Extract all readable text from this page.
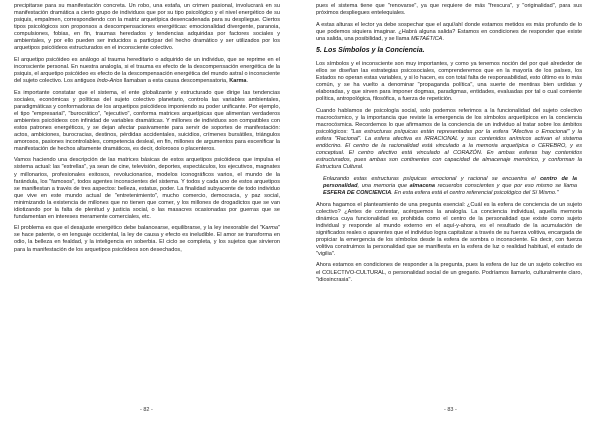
precipitarse para su manifestación concreta. Un robo, una estafa, un crimen pasional, involucrará en su manifestación dramática a cierto grupo de individuos que por su tipo psicológico y el nivel energético de su psiquis, empalmen, correspondiendo con la matriz arquetípica desencadenada para su despliegue. Ciertos tipos psicológicos son proponsos a descompensaciones energéticas: emocionalidad divergente, paranoia, compulsiones, fobias, en fin, traumas heredados y tendencias adquiridas por factores sociales y ambientales, y por ello pueden ser inducidos a participar del hecho dramático y ser utilizados por los arquetipos psicóideos estructurados en el inconsciente colectivo.

El arquetipo psicóideo es análogo al trauma hereditario o adquirido de un individuo, que se reprime en el inconsciente personal. En nuestra analogía, si el trauma es efecto de la descompensación energética de la psiquis, el arquetipo psicóideo es efecto de la descompensación energética del mundo astral o inconsciente del sujeto colectivo. Los antiguos Indo-Arios llamaban a esta causa descompensatoria, Karma.

Es importante constatar que el sistema, el ente globalizante y estructurado que dirige las tendencias sociales, económicas y políticas del sujeto colectivo planetario, controla las variables ambientales, paradigmáticas y conformadoras de los arquetipos psicóideos imponiendo su poder unificante. Por ejemplo, el tipo "empresarial", "burocrático", "ejecutivo", conforma matrices arquetípicas que alimentan verdaderos ambientes psicóideos con infinidad de variables dramáticas. Y millones de individuos son compatibles con estos patrones energéticos, y se dejan afectar pasivamente para servir de soportes de manifestación: actos, ambiciones, burocracias, destinos, pérdidas accidentales, suicidios, crímenes bursátiles, triángulos amorosos, pasiones incontrolables, competencia desleal, en fin, millones de argumentos para escenificar la manifestación de hechos altamente dramáticos, es decir, dolorosos o placenteros.

Vamos haciendo una descripción de las matrices básicas de estos arquetipos psicóideos que impulsa el sistema actual: las "estrellas", ya sean de cine, televisión, deportes, espectáculos, los ejecutivos, magnates y millonarios, profesionales exitosos, revolucionarios, modelos iconográficos varios, el mundo de la farándula, los "famosos", todos agentes inconscientes del sistema. Y todos y cada uno de estos arquetipos se manifiestan a través de tres aspectos: belleza, estatus, poder. La finalidad subyacente de todo individuo que vive en este mundo actual de "entretenimiento", mucho comercio, democracia, y paz social, minimizando la existencia de millones que no tienen que comer, y los millones de drogadictos que se van idiotizando por la falta de plenitud y justicia social, o las masacres ocasionadas por guerras que se fundamentan en intereses meramente comerciales, etc.

El problema es que el desajuste energético debe balancearse, equilibrarse, y la ley inexorable del "Karma" se hace patente, o en lenguaje occidental, la ley de causa y efecto es ineludible. El amor se transforma en odio, la belleza en fealdad, y la inteligencia en soberbia. El ciclo se completa, y los sujetos que sirvieron para la manifestación de los arquetipos psicóideos son desechados,

- 82 -

pues el sistema tiene que "renovarse", ya que requiere de más "frescura", y "originalidad", para sus próximos despliegues entelequiales.

A estas alturas el lector ya debe sospechar que el aquí/ahí donde estamos metidos es más profundo de lo que podemos siquiera imaginar. ¿Habrá alguna salida? Estamos en condiciones de responder que existe una salida, una posibilidad, y se llama METAÉTICA.

5. Los Símbolos y la Conciencia.

Los símbolos y el inconsciente son muy importantes, y como ya tenemos noción del por qué alrededor de ellos se diseñan las estrategias psicosociales, comprenderemos que en la mayoría de los países, los Estados no operan estas variables, y si lo hacen, es con total falta de responsabilidad, esto último es lo más común, y se ha vuelto a denominar "propaganda política", una suerte de mentiras bien urdidas y elaboradas, y que sirven para imponer dogmas, paradigmas, entidades, evaluadas por tal o cual comiente política, antropológica, filosófica, a fuerza de repetición.

Cuando hablamos de psicología social, solo podemos referimos a la funcionalidad del sujeto colectivo macrocósmico, y la importancia que reviste la emergencia de los símbolos arquetípicos en la conciencia macrocósmica. Recordemos lo que afirmamos de la conciencia de un individuo al tratar sobre los ámbitos psicológicos: "Las estructuras psíquicas están representadas por la esfera "Afectiva o Emocional" y la esfera "Racional". La esfera afectiva es IRRACIONAL y sus contenidos anímicos activan el sistema endócrino. El centro de la racionalidad está vinculado a la memoria arquetípica o CEREBRO, y es conceptual. El centro afectivo está vinculado al CORAZÓN. En ambas esferas hay contenidos estructurados, pues ambas son continentes con capacidad de almacenaje memórico, y conforman la Estructura Cultural.

Enlazando estas estructuras psíquicas emocional y racional se encuentra el centro de la personalidad, una memoria que almacena recuerdos conscientes y que por eso mismo se llama ESFERA DE CONCIENCIA. En esta esfera está el centro referencial psicológico del Sí Mismo."

Ahora hagamos el planteamiento de una pregunta esencial: ¿Cuál es la esfera de conciencia de un sujeto colectivo? ¿Antes de contestar, acérquemos la analogía. La conciencia individual, aquella memoria dinámica cuya funcionalidad es prohibida como el centro de la personalidad que existe como sujeto individual y responde al mundo externo en el aquí-y-ahora, es el resultado de la acumulación de significados reales o aparentes que el individuo logra capitalizar a través de su fuerza volitiva, encargada de propiciar la emergencia de los símbolos desde la esfera de sombra o inconsciente. Es decir, con fuerza volitiva construimos la personalidad que se manifiesta en la esfera de luz o realidad habitual, el estado de "vigilia".

Ahora estamos en condiciones de responder a la pregunta, pues la esfera de luz de un sujeto colectivo es el COLECTIVO-CULTURAL, o personalidad social de un gregario. Podríamos llamarlo, culturalmente claro, "idiosincrasia".

- 83 -
